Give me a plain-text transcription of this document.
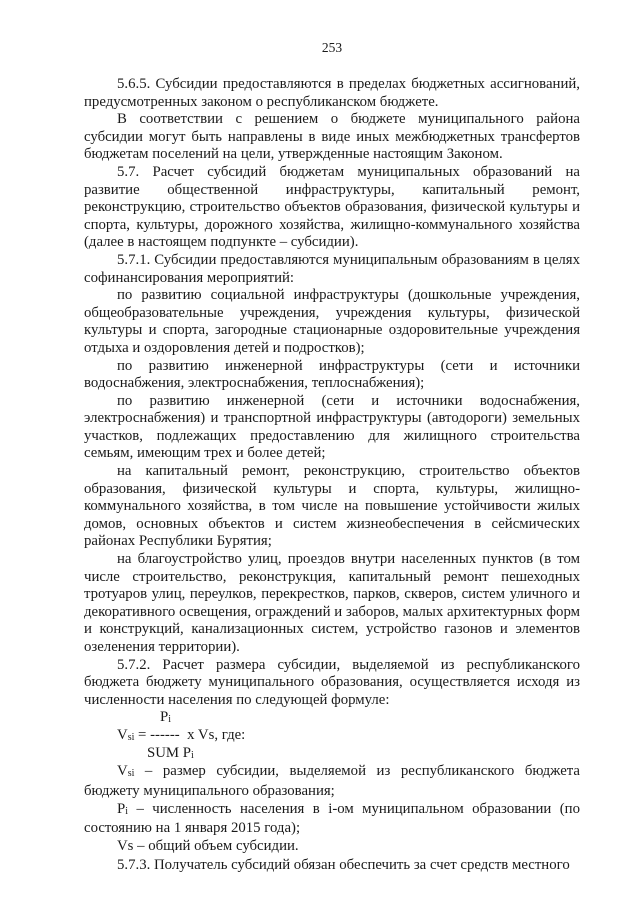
253

5.6.5. Субсидии предоставляются в пределах бюджетных ассигнований, предусмотренных законом о республиканском бюджете.

В соответствии с решением о бюджете муниципального района субсидии могут быть направлены в виде иных межбюджетных трансфертов бюджетам поселений на цели, утвержденные настоящим Законом.

5.7. Расчет субсидий бюджетам муниципальных образований на развитие общественной инфраструктуры, капитальный ремонт, реконструкцию, строительство объектов образования, физической культуры и спорта, культуры, дорожного хозяйства, жилищно-коммунального хозяйства (далее в настоящем подпункте – субсидии).

5.7.1. Субсидии предоставляются муниципальным образованиям в целях софинансирования мероприятий:

по развитию социальной инфраструктуры (дошкольные учреждения, общеобразовательные учреждения, учреждения культуры, физической культуры и спорта, загородные стационарные оздоровительные учреждения отдыха и оздоровления детей и подростков);

по развитию инженерной инфраструктуры (сети и источники водоснабжения, электроснабжения, теплоснабжения);

по развитию инженерной (сети и источники водоснабжения, электроснабжения) и транспортной инфраструктуры (автодороги) земельных участков, подлежащих предоставлению для жилищного строительства семьям, имеющим трех и более детей;

на капитальный ремонт, реконструкцию, строительство объектов образования, физической культуры и спорта, культуры, жилищно-коммунального хозяйства, в том числе на повышение устойчивости жилых домов, основных объектов и систем жизнеобеспечения в сейсмических районах Республики Бурятия;

на благоустройство улиц, проездов внутри населенных пунктов (в том числе строительство, реконструкция, капитальный ремонт пешеходных тротуаров улиц, переулков, перекрестков, парков, скверов, систем уличного и декоративного освещения, ограждений и заборов, малых архитектурных форм и конструкций, канализационных систем, устройство газонов и элементов озеленения территории).

5.7.2. Расчет размера субсидии, выделяемой из республиканского бюджета бюджету муниципального образования, осуществляется исходя из численности населения по следующей формуле:

Pi
Vsi = ------  x Vs, где:
SUM Pi

Vsi – размер субсидии, выделяемой из республиканского бюджета бюджету муниципального образования;

Pi – численность населения в i-ом муниципальном образовании (по состоянию на 1 января 2015 года);

Vs – общий объем субсидии.

5.7.3. Получатель субсидий обязан обеспечить за счет средств местного
